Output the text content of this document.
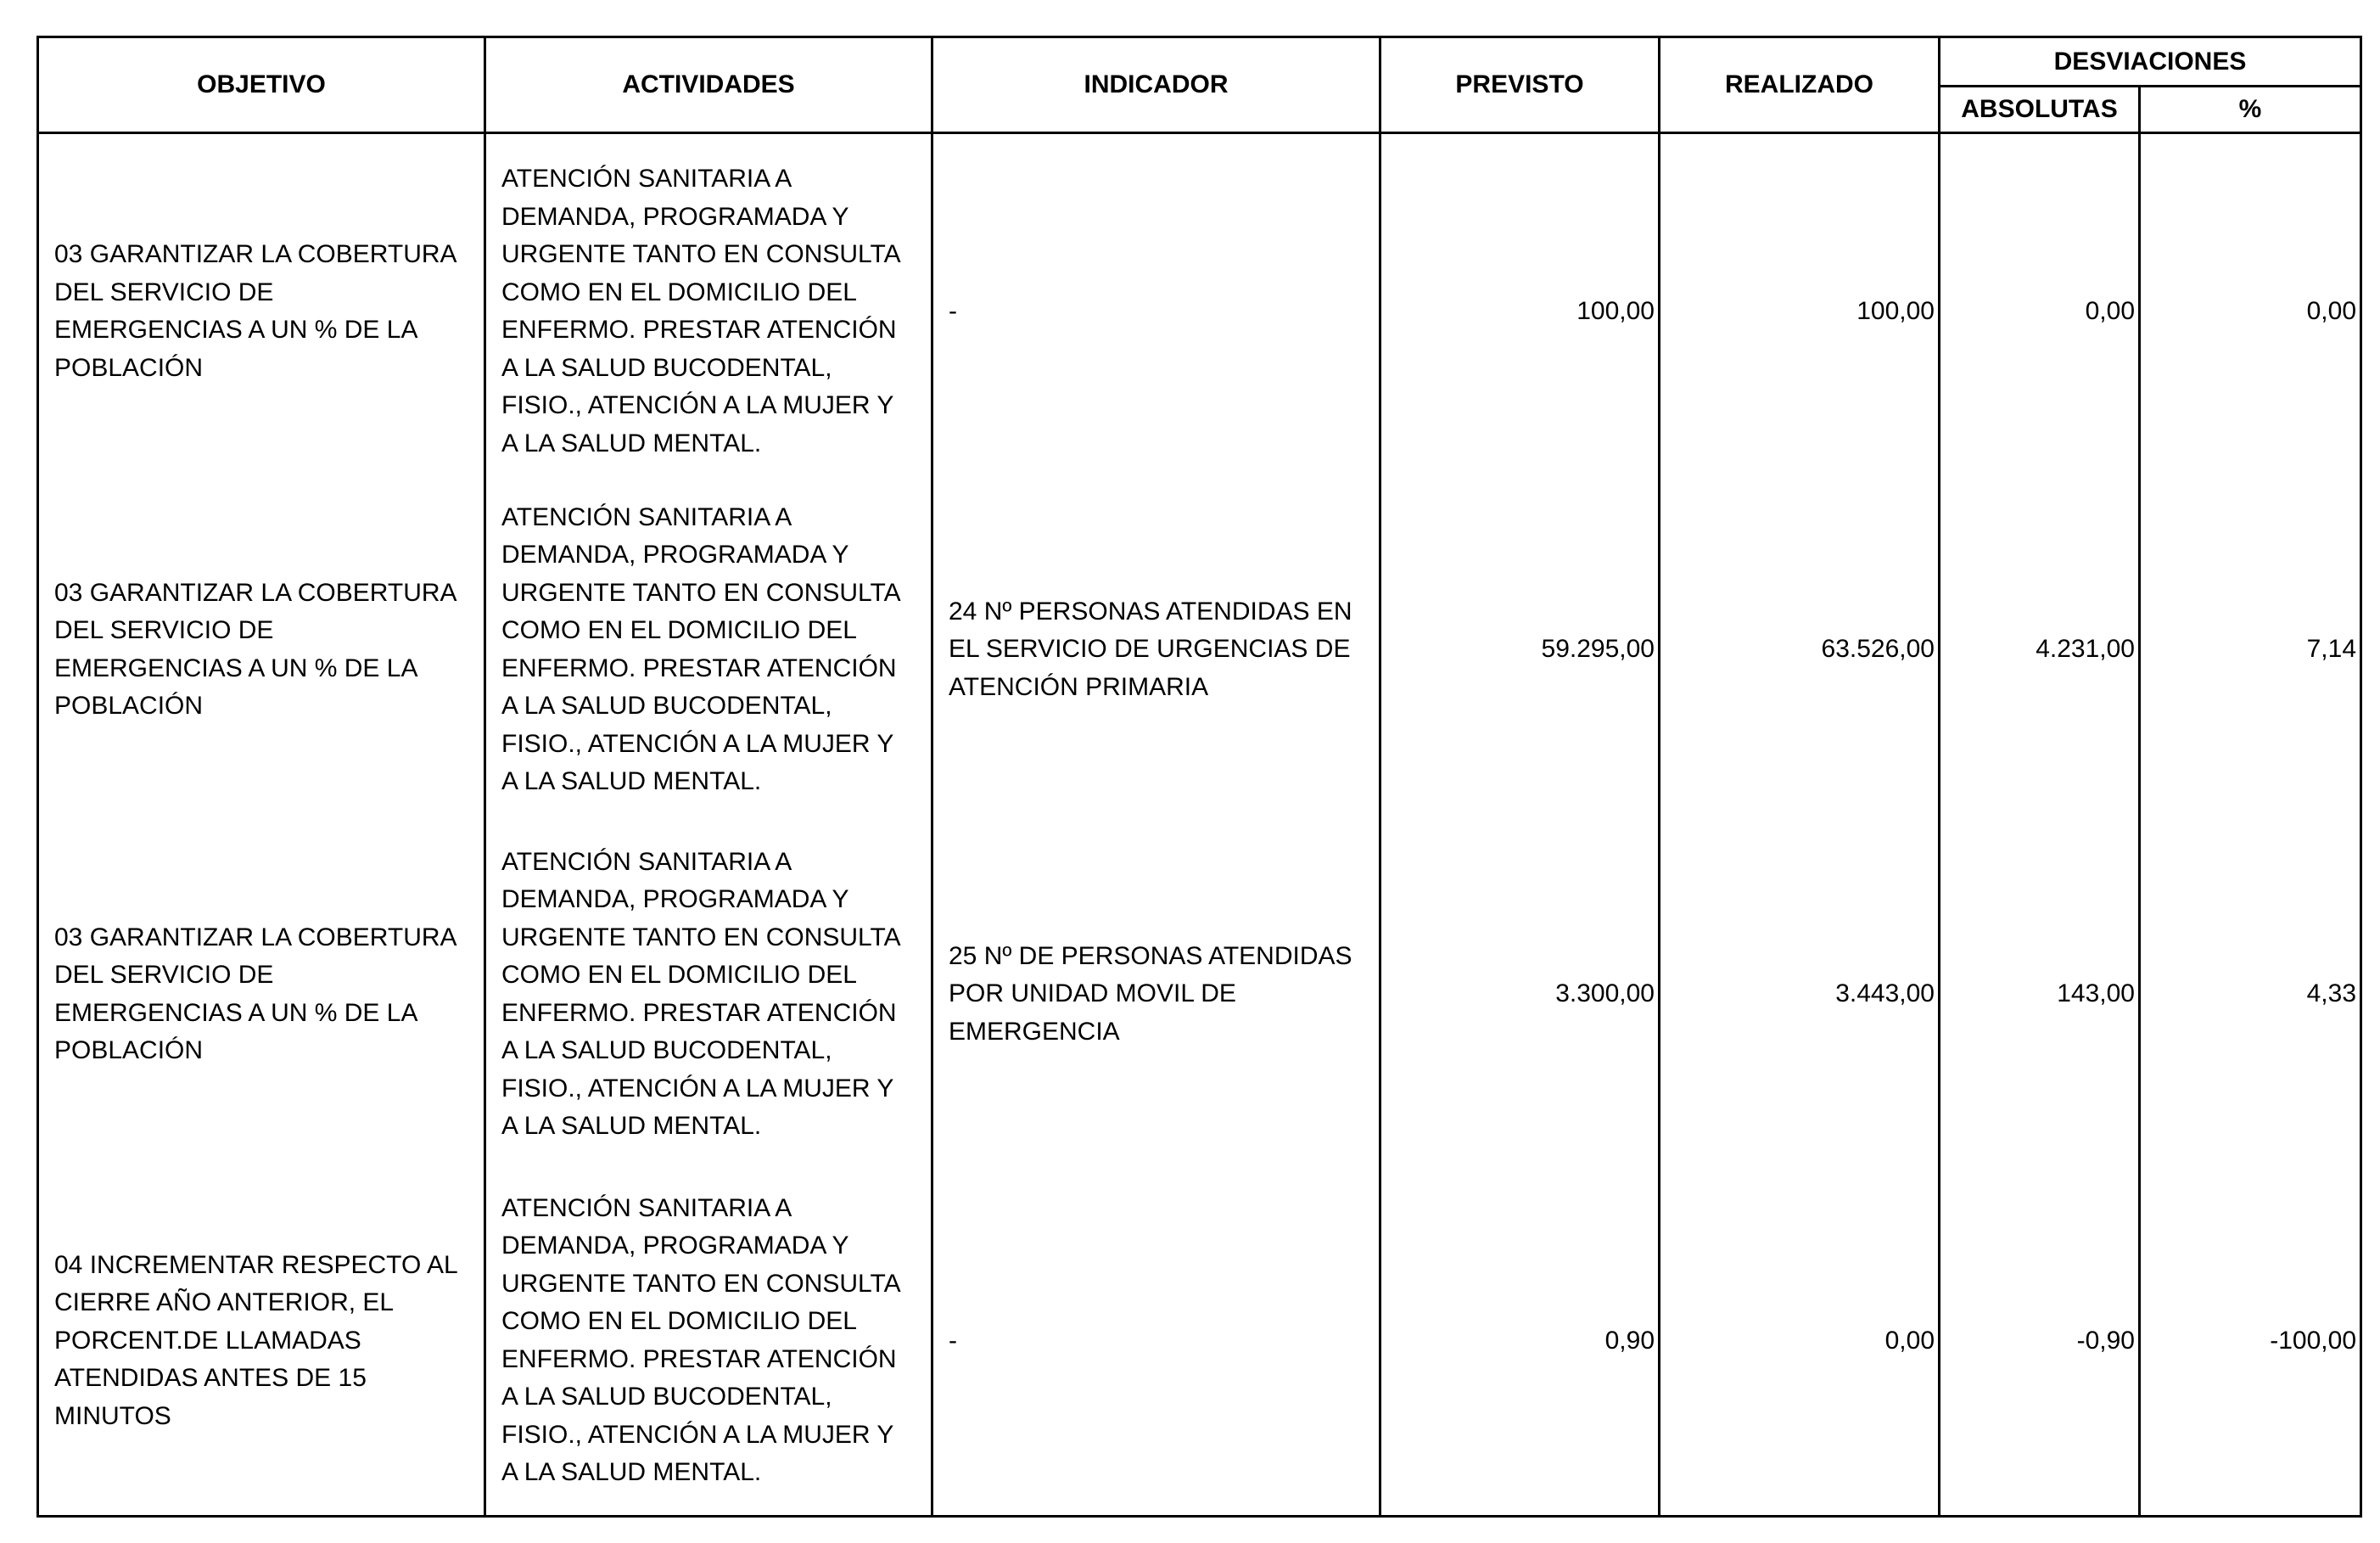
OBJETIVO	ACTIVIDADES	INDICADOR	PREVISTO	REALIZADO	DESVIACIONES	
					ABSOLUTAS	%
03 GARANTIZAR LA COBERTURA DEL SERVICIO DE EMERGENCIAS A UN % DE LA POBLACIÓN	ATENCIÓN SANITARIA A DEMANDA, PROGRAMADA Y URGENTE TANTO EN CONSULTA COMO EN EL DOMICILIO DEL ENFERMO. PRESTAR ATENCIÓN A LA SALUD BUCODENTAL, FISIO., ATENCIÓN A LA MUJER Y A LA SALUD MENTAL.	-	100,00	100,00	0,00	0,00
03 GARANTIZAR LA COBERTURA DEL SERVICIO DE EMERGENCIAS A UN % DE LA POBLACIÓN	ATENCIÓN SANITARIA A DEMANDA, PROGRAMADA Y URGENTE TANTO EN CONSULTA COMO EN EL DOMICILIO DEL ENFERMO. PRESTAR ATENCIÓN A LA SALUD BUCODENTAL, FISIO., ATENCIÓN A LA MUJER Y A LA SALUD MENTAL.	24 Nº PERSONAS ATENDIDAS EN EL SERVICIO DE URGENCIAS DE ATENCIÓN PRIMARIA	59.295,00	63.526,00	4.231,00	7,14
03 GARANTIZAR LA COBERTURA DEL SERVICIO DE EMERGENCIAS A UN % DE LA POBLACIÓN	ATENCIÓN SANITARIA A DEMANDA, PROGRAMADA Y URGENTE TANTO EN CONSULTA COMO EN EL DOMICILIO DEL ENFERMO. PRESTAR ATENCIÓN A LA SALUD BUCODENTAL, FISIO., ATENCIÓN A LA MUJER Y A LA SALUD MENTAL.	25 Nº DE PERSONAS ATENDIDAS POR UNIDAD MOVIL DE EMERGENCIA	3.300,00	3.443,00	143,00	4,33
04 INCREMENTAR RESPECTO AL CIERRE AÑO ANTERIOR, EL PORCENT.DE LLAMADAS ATENDIDAS ANTES DE 15 MINUTOS	ATENCIÓN SANITARIA A DEMANDA, PROGRAMADA Y URGENTE TANTO EN CONSULTA COMO EN EL DOMICILIO DEL ENFERMO. PRESTAR ATENCIÓN A LA SALUD BUCODENTAL, FISIO., ATENCIÓN A LA MUJER Y A LA SALUD MENTAL.	-	0,90	0,00	-0,90	-100,00
